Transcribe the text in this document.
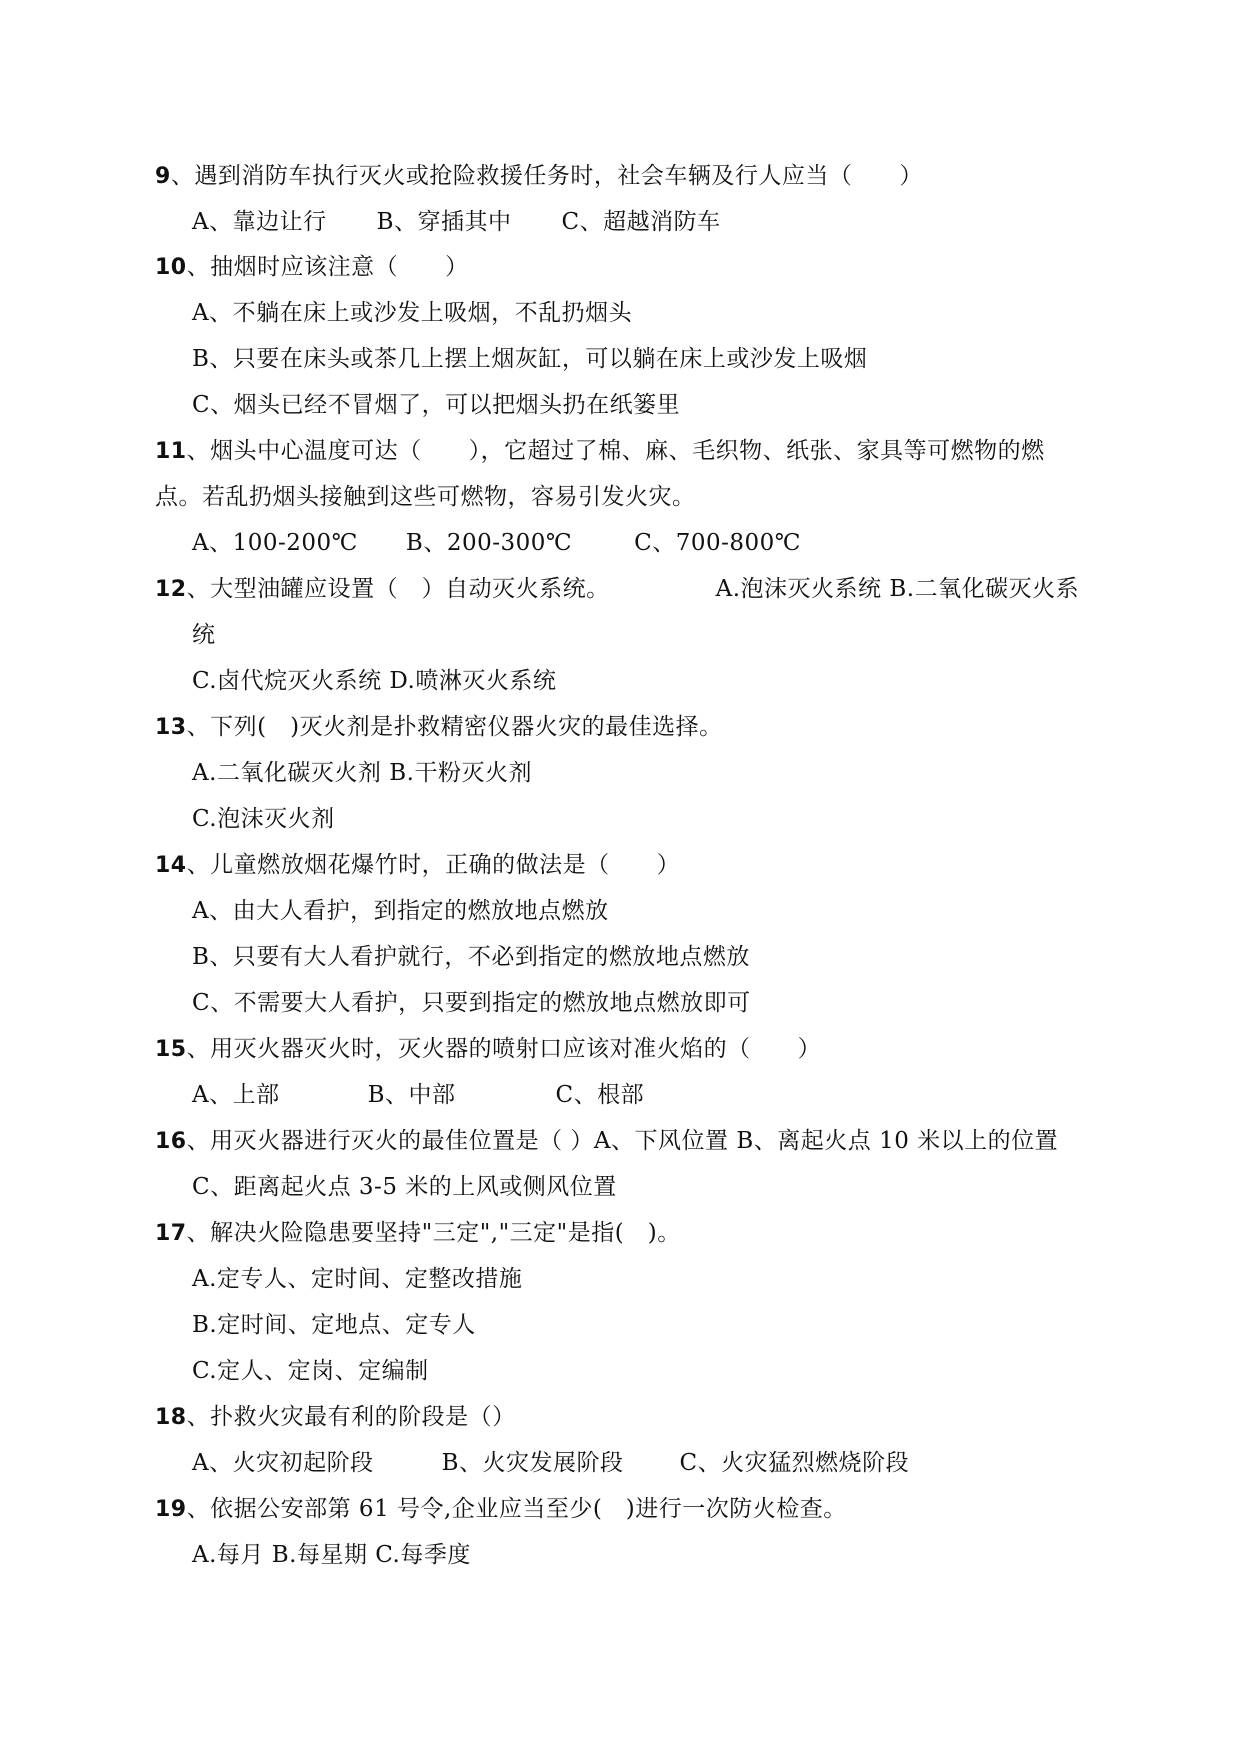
9、遇到消防车执行灭火或抢险救援任务时，社会车辆及行人应当（　　）
A、靠边让行 B、穿插其中 C、超越消防车
10、抽烟时应该注意（　　）
A、不躺在床上或沙发上吸烟，不乱扔烟头
B、只要在床头或茶几上摆上烟灰缸，可以躺在床上或沙发上吸烟
C、烟头已经不冒烟了，可以把烟头扔在纸篓里
11、烟头中心温度可达（　　），它超过了棉、麻、毛织物、纸张、家具等可燃物的燃
点。若乱扔烟头接触到这些可燃物，容易引发火灾。
A、100-200℃ B、200-300℃	C、700-800℃
12、大型油罐应设置（　）自动灭火系统。　　　　　A.泡沫灭火系统 B.二氧化碳灭火系
统
C.卤代烷灭火系统 D.喷淋灭火系统
13、下列(　)灭火剂是扑救精密仪器火灾的最佳选择。
A.二氧化碳灭火剂 B.干粉灭火剂
C.泡沫灭火剂
14、儿童燃放烟花爆竹时，正确的做法是（　　）
A、由大人看护，到指定的燃放地点燃放
B、只要有大人看护就行，不必到指定的燃放地点燃放
C、不需要大人看护，只要到指定的燃放地点燃放即可
15、用灭火器灭火时，灭火器的喷射口应该对准火焰的（　　）
A、上部	B、中部	C、根部
16、用灭火器进行灭火的最佳位置是（ ）A、下风位置 B、离起火点 10 米以上的位置
C、距离起火点 3-5 米的上风或侧风位置
17、解决火险隐患要坚持"三定","三定"是指(　)。
A.定专人、定时间、定整改措施
B.定时间、定地点、定专人
C.定人、定岗、定编制
18、扑救火灾最有利的阶段是（）
A、火灾初起阶段	B、火灾发展阶段 C、火灾猛烈燃烧阶段
19、依据公安部第 61 号令,企业应当至少(　)进行一次防火检查。
A.每月 B.每星期 C.每季度
